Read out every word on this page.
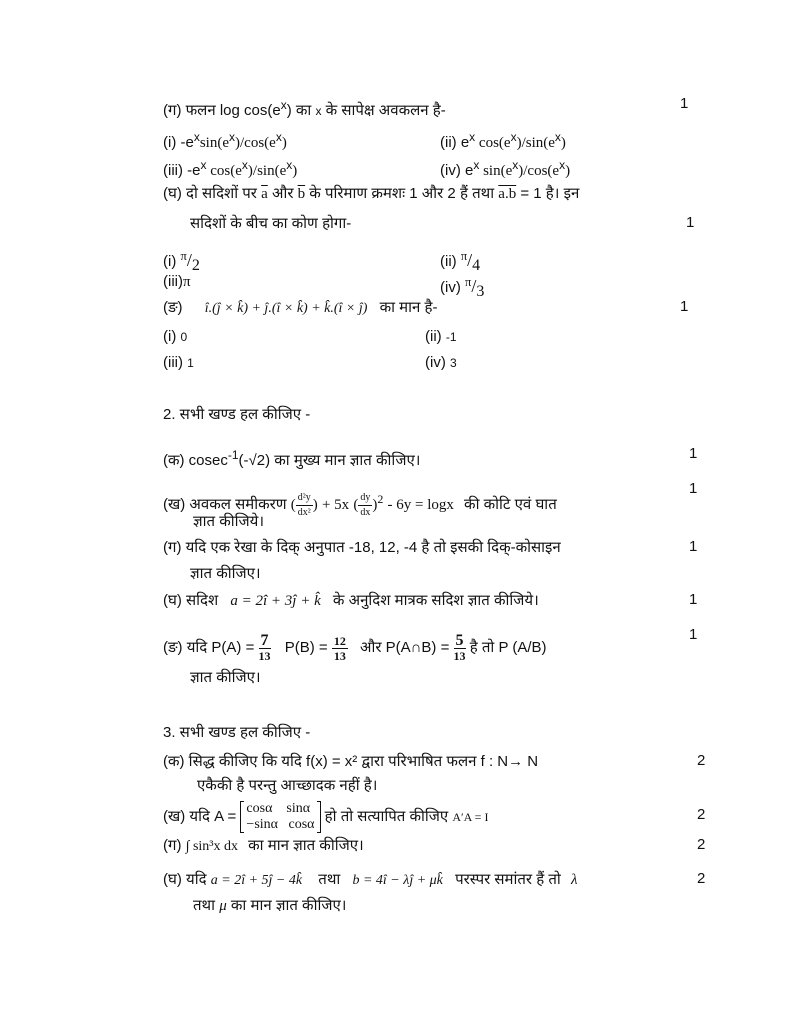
(ग) फलन $\log \cos(e^x)$ का x के सापेक्ष अवकलन है-	1
(i) $-e^x\sin(e^x)/\cos(e^x)$	(ii) $e^x$ $\cos(e^x)/\sin(e^x)$
(iii) $-e^x$ $\cos(e^x)/\sin(e^x)$	(iv) $e^x$ $\sin(e^x)/\cos(e^x)$
(घ) दो सदिशों पर $\overline{a}$ और $\overline{b}$ के परिमाण क्रमशः 1 और 2 हैं तथा a.b = 1 है। इन
सदिशों के बीच का कोण होगा-	1
(i) $^\pi/_2$	(ii) $^\pi/_4$
(iii)π	(iv) $^\pi/_3$
(ङ) î.(ĵ × k̂) + ĵ.(î × k̂) + k̂.(î × ĵ) का मान है-	1
(i) 0	(ii) -1
(iii) 1	(iv) 3
2. सभी खण्ड हल कीजिए -
(क) cosec$^{-1}$(-√2) का मुख्य मान ज्ञात कीजिए।	1
(ख) अवकल समीकरण ( $\frac{\text{d²y}}{\text{dx²}}$ ) + 5x ( $\frac{dy}{dx} )^2 - 6y = \log x$ की कोटि एवं घात
1
ज्ञात कीजिये।
(ग) यदि एक रेखा के दिक् अनुपात -18, 12, -4 है तो इसकी दिक्-कोसाइन	1
ज्ञात कीजिए।
(घ) सदिश a = 2î + 3ĵ + k̂ के अनुदिश मात्रक सदिश ज्ञात कीजिये।	1
(ङ) यदि $P(A) = \frac{7}{13} P(B) = \frac{12}{13}$ और P(A∩B) = $\frac{5}{13}$ है तो P (A/B)
1
ज्ञात कीजिए।
3. सभी खण्ड हल कीजिए -
(क) सिद्ध कीजिए कि यदि f(x) = x² द्वारा परिभाषित फलन f : N→ N	2
एकैकी है परन्तु आच्छादक नहीं है।
(ख) यदि A = cosα sinα
−sinα cosα हो तो सत्यापित कीजिए A′A = I	2
(ग) ∫ sin³x dx का मान ज्ञात कीजिए।	2
(घ) यदि a = 2î + 5ĵ − 4k̂ तथा b = 4î − λĵ + μk̂ परस्पर समांतर हैं तो λ	2
तथा μ का मान ज्ञात कीजिए।
